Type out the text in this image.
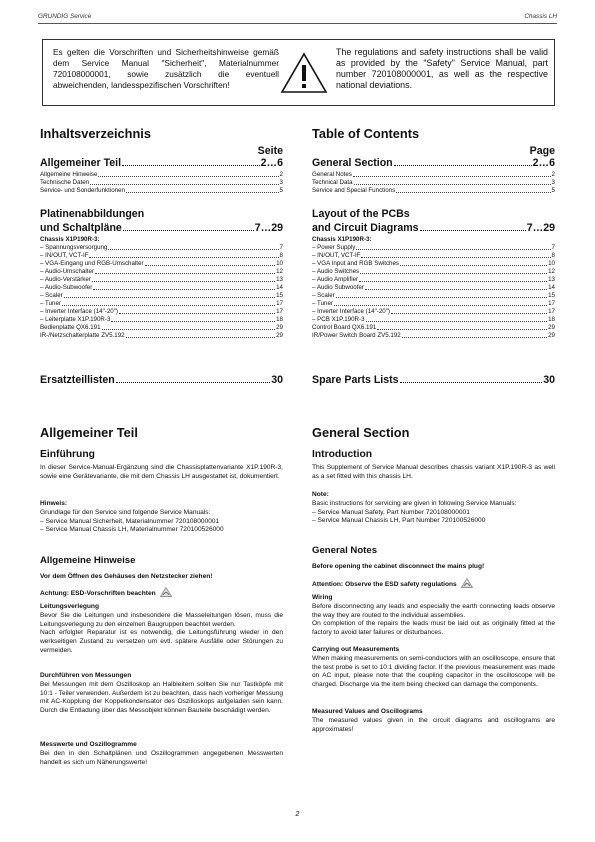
GRUNDIG Service	Chassis LH
Es gelten die Vorschriften und Sicherheitshinweise gemäß dem Service Manual "Sicherheit", Materialnummer 720108000001, sowie zusätzlich die eventuell abweichenden, landesspezifischen Vorschriften!
The regulations and safety instructions shall be valid as provided by the "Safety" Service Manual, part number 720108000001, as well as the respective national deviations.
Inhaltsverzeichnis
Seite
Allgemeiner Teil	2…6
Allgemeine Hinweise	2
Technische Daten	3
Service- und Sonderfunktionen	5
Platinenabbildungen
und Schaltpläne	7…29
Chassis X1P190R-3:
– Spannungsversorgung	7
– IN/OUT, VCT-IF	8
– VGA-Eingang und RGB-Umschalter	10
– Audio-Umschalter	12
– Audio-Verstärker	13
– Audio-Subwoofer	14
– Scaler	15
– Tuner	17
– Inverter Interface (14"-20")	17
– Leiterplatte X1P.190R-3	18
Bedienplatte QX6.191	29
IR-/Netzschalterplatte ZV5.192	29
Ersatzteillisten	30
Allgemeiner Teil
Einführung
In dieser Service-Manual-Ergänzung sind die Chassisplattenvariante X1P.190R-3, sowie eine Gerätevariante, die mit dem Chassis LH ausgestattet ist, dokumentiert.
Hinweis:
Grundlage für den Service sind folgende Service Manuals:
– Service Manual Sicherheit, Materialnummer 720108000001
– Service Manual Chassis LH, Materialnummer 720100526000
Allgemeine Hinweise
Vor dem Öffnen des Gehäuses den Netzstecker ziehen!
Achtung: ESD-Vorschriften beachten
Leitungsverlegung
Bevor Sie die Leitungen und insbesondere die Masseleitungen lösen, muss die Leitungsverlegung zu den einzelnen Baugruppen beachtet werden.
Nach erfolgter Reparatur ist es notwendig, die Leitungsführung wieder in den werkseitigen Zustand zu versetzen um evtl. spätere Ausfälle oder Störungen zu vermeiden.
Durchführen von Messungen
Bei Messungen mit dem Oszilloskop an Halbleitern sollten Sie nur Tastköpfe mit 10:1 - Teiler verwenden. Außerdem ist zu beachten, dass nach vorheriger Messung mit AC-Kopplung der Koppelkondensator des Oszilloskops aufgeladen sein kann. Durch die Entladung über das Messobjekt können Bauteile beschädigt werden.
Messwerte und Oszillogramme
Bei den in den Schaltplänen und Oszillogrammen angegebenen Messwerten handelt es sich um Näherungswerte!
Table of Contents
Page
General Section	2…6
General Notes	2
Technical Data	3
Service and Special Functions	5
Layout of the PCBs
and Circuit Diagrams	7…29
Chassis X1P190R-3:
– Power Supply	7
– IN/OUT, VCT-IF	8
– VGA Input and RGB Switches	10
– Audio Switches	12
– Audio Amplifier	13
– Audio Subwoofer	14
– Scaler	15
– Tuner	17
– Inverter Interface (14"-20")	17
– PCB X1P.190R-3	18
Control Board QX6.191	29
IR/Power Switch Board ZV5.192	29
Spare Parts Lists	30
General Section
Introduction
This Supplement of Service Manual describes chassis variant X1P.190R-3 as well as a set fitted with this chassis LH.
Note:
Basic instructions for servicing are given in following Service Manuals:
– Service Manual Safety, Part Number 720108000001
– Service Manual Chassis LH, Part Number 720100526000
General Notes
Before opening the cabinet disconnect the mains plug!
Attention: Observe the ESD safety regulations
Wiring
Before disconnecting any leads and especially the earth connecting leads observe the way they are routed to the individual assemblies.
On completion of the repairs the leads must be laid out as originally fitted at the factory to avoid later failures or disturbances.
Carrying out Measurements
When making measurements on semi-conductors with an oscilloscope, ensure that the test probe is set to 10:1 dividing factor. If the previous measurement was made on AC input, please note that the coupling capacitor in the oscilloscope will be charged. Discharge via the item being checked can damage the components.
Measured Values and Oscillograms
The measured values given in the circuit diagrams and oscillograms are approximates!
2
